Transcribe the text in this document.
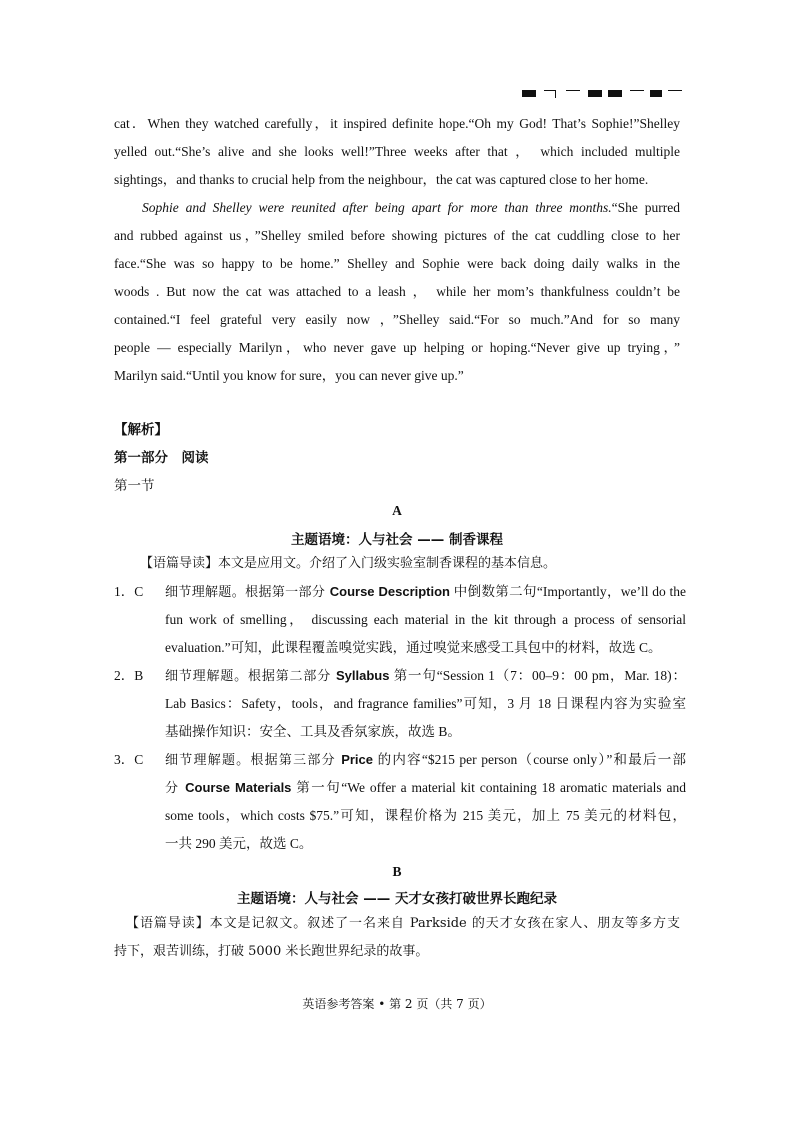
cat．When they watched carefully，it inspired definite hope.“Oh my God! That’s Sophie!”Shelley
yelled out.“She’s alive and she looks well!”Three weeks after that ， which included multiple
sightings，and thanks to crucial help from the neighbour，the cat was captured close to her home.
Sophie and Shelley were reunited after being apart for more than three months.“She purred
and rubbed against us，”Shelley smiled before showing pictures of the cat cuddling close to her
face.“She was so happy to be home.” Shelley and Sophie were back doing daily walks in the
woods . But now the cat was attached to a leash ， while her mom’s thankfulness couldn’t be
contained.“I feel grateful very easily now ，”Shelley said.“For so much.”And for so many
people — especially Marilyn，who never gave up helping or hoping.“Never give up trying，”
Marilyn said.“Until you know for sure，you can never give up.”
【解析】
第一部分　阅读
第一节
A
主题语境：人与社会 —— 制香课程
【语篇导读】本文是应用文。介绍了入门级实验室制香课程的基本信息。
1．C	细节理解题。根据第一部分 Course Description 中倒数第二句“Importantly，we’ll do the
fun work of smelling， discussing each material in the kit through a process of sensorial
evaluation.”可知，此课程覆盖嗅觉实践，通过嗅觉来感受工具包中的材料，故选 C。
2．B	细节理解题。根据第二部分 Syllabus 第一句“Session 1（7：00–9：00 pm，Mar. 18)：
Lab Basics：Safety，tools，and fragrance families”可知，3 月 18 日课程内容为实验室
基础操作知识：安全、工具及香氛家族，故选 B。
3．C	细节理解题。根据第三部分 Price 的内容“$215 per person（course only）”和最后一部
分 Course Materials 第一句“We offer a material kit containing 18 aromatic materials and
some tools，which costs $75.”可知，课程价格为 215 美元，加上 75 美元的材料包，
一共 290 美元，故选 C。
B
主题语境：人与社会 —— 天才女孩打破世界长跑纪录
【语篇导读】本文是记叙文。叙述了一名来自 Parkside 的天才女孩在家人、朋友等多方支
持下，艰苦训练，打破 5000 米长跑世界纪录的故事。
英语参考答案 • 第 2 页（共 7 页）
